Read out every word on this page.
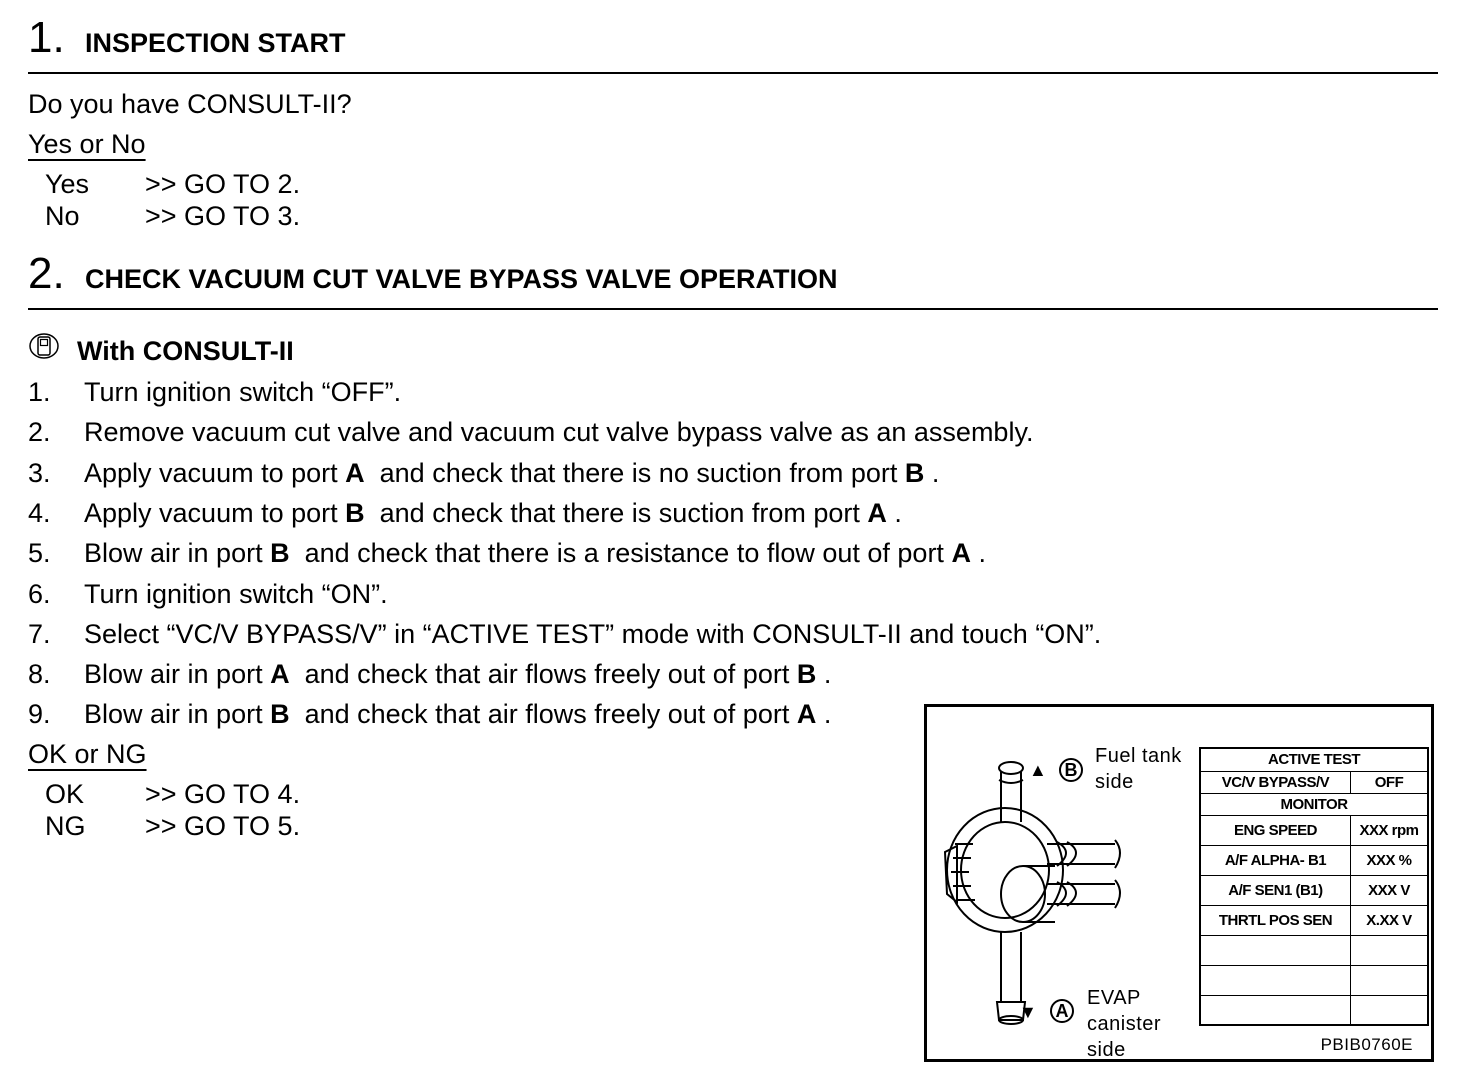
1. INSPECTION START
Do you have CONSULT-II?
Yes or No
Yes >> GO TO 2.
No >> GO TO 3.
2. CHECK VACUUM CUT VALVE BYPASS VALVE OPERATION
With CONSULT-II
1. Turn ignition switch “OFF”.
2. Remove vacuum cut valve and vacuum cut valve bypass valve as an assembly.
3. Apply vacuum to port A  and check that there is no suction from port B .
4. Apply vacuum to port B  and check that there is suction from port A .
5. Blow air in port B  and check that there is a resistance to flow out of port A .
6. Turn ignition switch “ON”.
7. Select “VC/V BYPASS/V” in “ACTIVE TEST” mode with CONSULT-II and touch “ON”.
8. Blow air in port A  and check that air flows freely out of port B .
9. Blow air in port B  and check that air flows freely out of port A .
OK or NG
OK >> GO TO 4.
NG >> GO TO 5.
▲ B
Fuel tank
side
▼	A
EVAP
canister
side
ACTIVE TEST	
VC/V BYPASS/V	OFF
MONITOR	
ENG SPEED	XXX rpm
A/F ALPHA- B1	XXX %
A/F SEN1 (B1)	XXX V
THRTL POS SEN	X.XX V

PBIB0760E
